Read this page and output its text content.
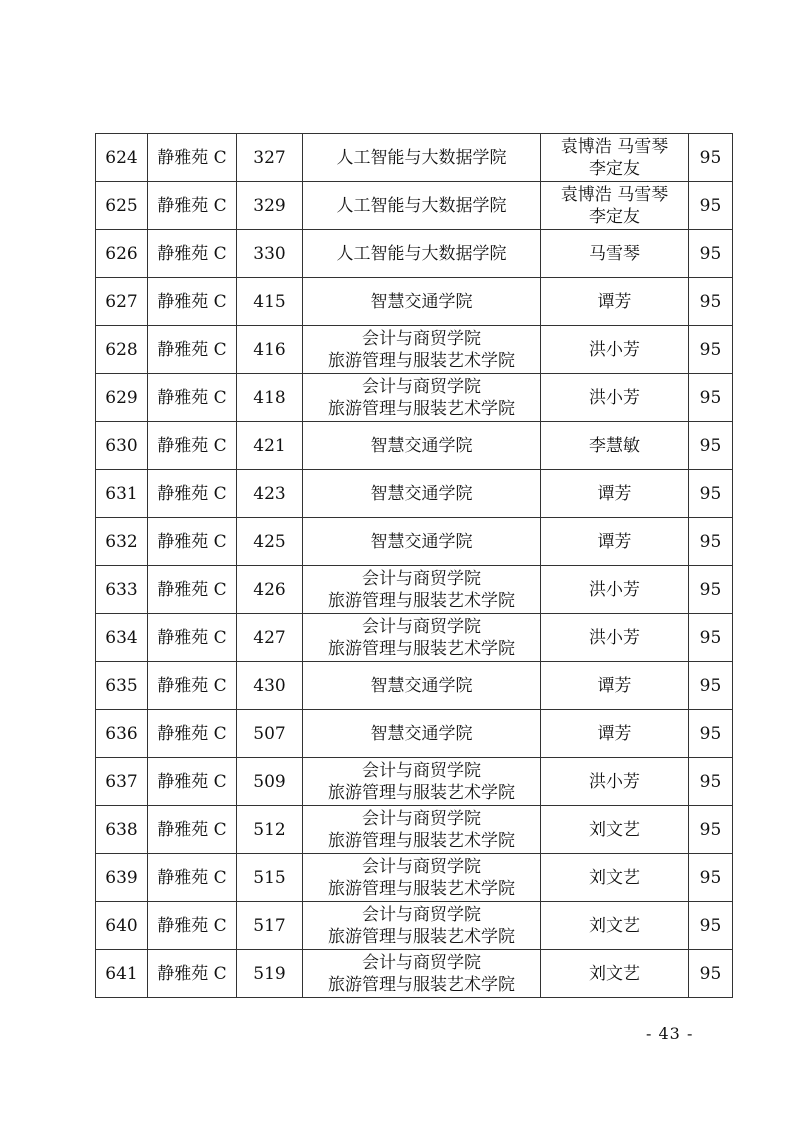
624	静雅苑 C	327	人工智能与大数据学院	袁博浩 马雪琴
李定友	95
625	静雅苑 C	329	人工智能与大数据学院	袁博浩 马雪琴
李定友	95
626	静雅苑 C	330	人工智能与大数据学院	马雪琴	95
627	静雅苑 C	415	智慧交通学院	谭芳	95
628	静雅苑 C	416	会计与商贸学院
旅游管理与服装艺术学院	洪小芳	95
629	静雅苑 C	418	会计与商贸学院
旅游管理与服装艺术学院	洪小芳	95
630	静雅苑 C	421	智慧交通学院	李慧敏	95
631	静雅苑 C	423	智慧交通学院	谭芳	95
632	静雅苑 C	425	智慧交通学院	谭芳	95
633	静雅苑 C	426	会计与商贸学院
旅游管理与服装艺术学院	洪小芳	95
634	静雅苑 C	427	会计与商贸学院
旅游管理与服装艺术学院	洪小芳	95
635	静雅苑 C	430	智慧交通学院	谭芳	95
636	静雅苑 C	507	智慧交通学院	谭芳	95
637	静雅苑 C	509	会计与商贸学院
旅游管理与服装艺术学院	洪小芳	95
638	静雅苑 C	512	会计与商贸学院
旅游管理与服装艺术学院	刘文艺	95
639	静雅苑 C	515	会计与商贸学院
旅游管理与服装艺术学院	刘文艺	95
640	静雅苑 C	517	会计与商贸学院
旅游管理与服装艺术学院	刘文艺	95
641	静雅苑 C	519	会计与商贸学院
旅游管理与服装艺术学院	刘文艺	95
- 43 -
